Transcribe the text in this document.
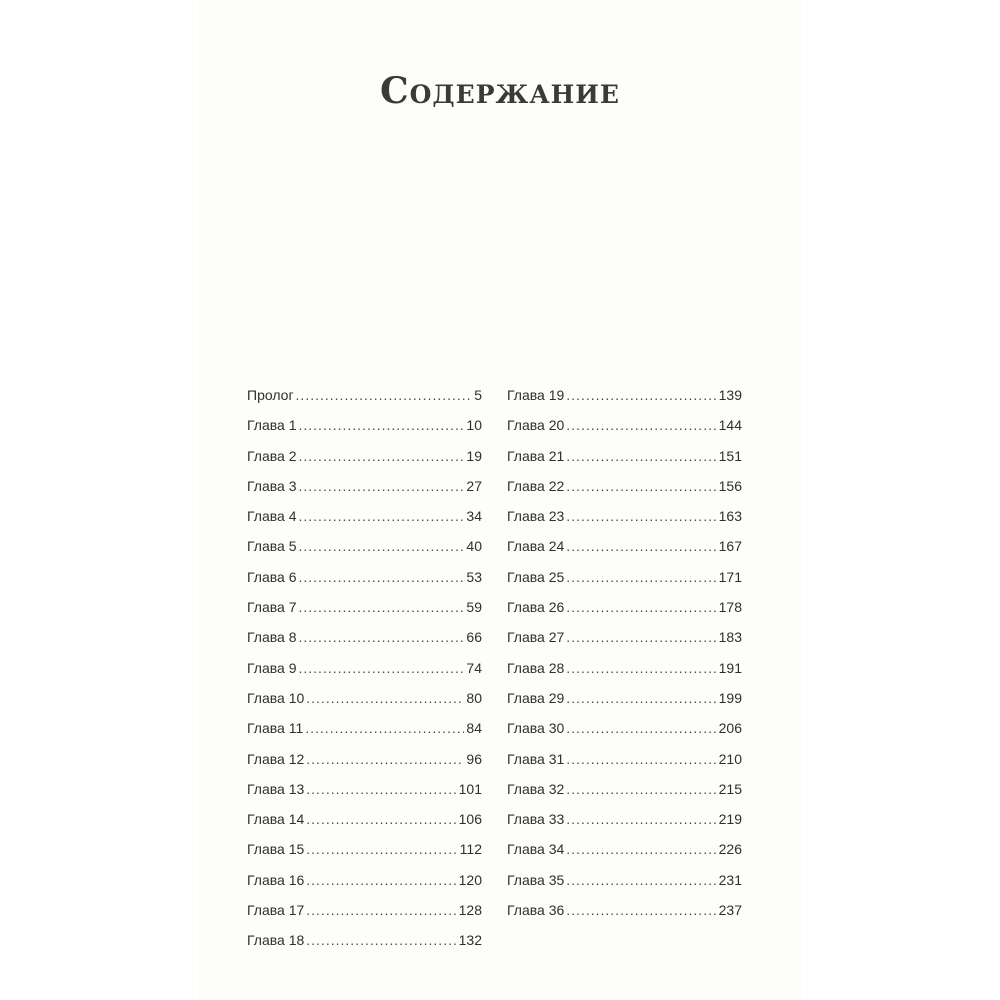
Содержание
Пролог .....	5
Глава 1 .....	10
Глава 2 .....	19
Глава 3 .....	27
Глава 4 .....	34
Глава 5 .....	40
Глава 6 .....	53
Глава 7 .....	59
Глава 8 .....	66
Глава 9 .....	74
Глава 10 .....	80
Глава 11 .....	84
Глава 12 .....	96
Глава 13 .....	101
Глава 14 .....	106
Глава 15 .....	112
Глава 16 .....	120
Глава 17 .....	128
Глава 18 .....	132
Глава 19 .....	139
Глава 20 .....	144
Глава 21 .....	151
Глава 22 .....	156
Глава 23 .....	163
Глава 24 .....	167
Глава 25 .....	171
Глава 26 .....	178
Глава 27 .....	183
Глава 28 .....	191
Глава 29 .....	199
Глава 30 .....	206
Глава 31 .....	210
Глава 32 .....	215
Глава 33 .....	219
Глава 34 .....	226
Глава 35 .....	231
Глава 36 .....	237
